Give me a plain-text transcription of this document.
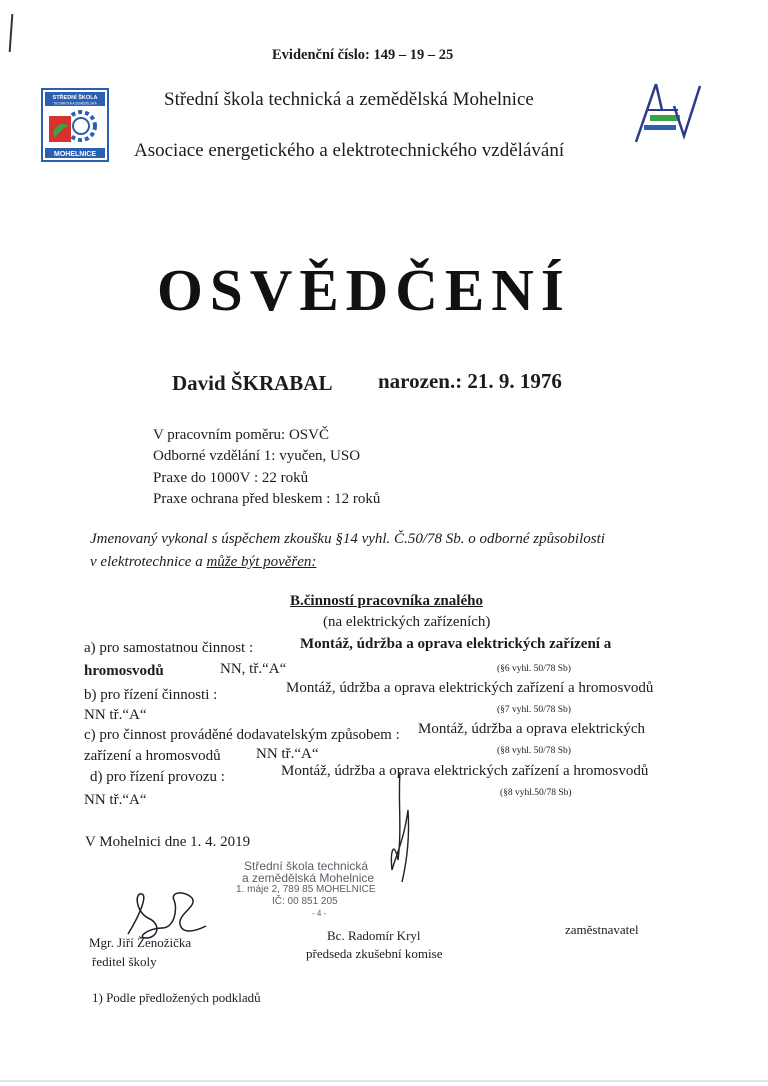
Evidenční číslo: 149 – 19 – 25
STŘEDNÍ ŠKOLA
TECHNICKÁ A ZEMĚDĚLSKÁ
MOHELNICE
Střední škola technická a zemědělská Mohelnice
Asociace energetického a elektrotechnického vzdělávání
OSVĚDČENÍ
David ŠKRABAL narozen.: 21. 9. 1976
V pracovním poměru: OSVČ
Odborné vzdělání 1: vyučen, USO
Praxe do 1000V : 22 roků
Praxe ochrana před bleskem : 12 roků
Jmenovaný vykonal s úspěchem zkoušku §14 vyhl. Č.50/78 Sb. o odborné způsobilosti
v elektrotechnice a může být pověřen:
B.činností pracovníka znalého
(na elektrických zařízeních)
a) pro samostatnou činnost :	Montáž, údržba a oprava elektrických zařízení a
hromosvodů	NN, tř.“A“	(§6 vyhl. 50/78 Sb)
b) pro řízení činnosti :	Montáž, údržba a oprava elektrických zařízení a hromosvodů
NN tř.“A“	(§7 vyhl. 50/78 Sb)
c) pro činnost prováděné dodavatelským způsobem : Montáž, údržba a oprava elektrických
zařízení a hromosvodů NN tř.“A“	(§8 vyhl. 50/78 Sb)
d) pro řízení provozu :	Montáž, údržba a oprava elektrických zařízení a hromosvodů
NN tř.“A“	(§8 vyhl.50/78 Sb)
V Mohelnici dne 1. 4. 2019
Střední škola technická
a zemědělská Mohelnice
1. máje 2, 789 85 MOHELNICE
IČ: 00 851 205
- 4 -
Mgr. Jiří Ženožička
ředitel školy
Bc. Radomír Kryl
předseda zkušební komise
zaměstnavatel
1) Podle předložených podkladů
